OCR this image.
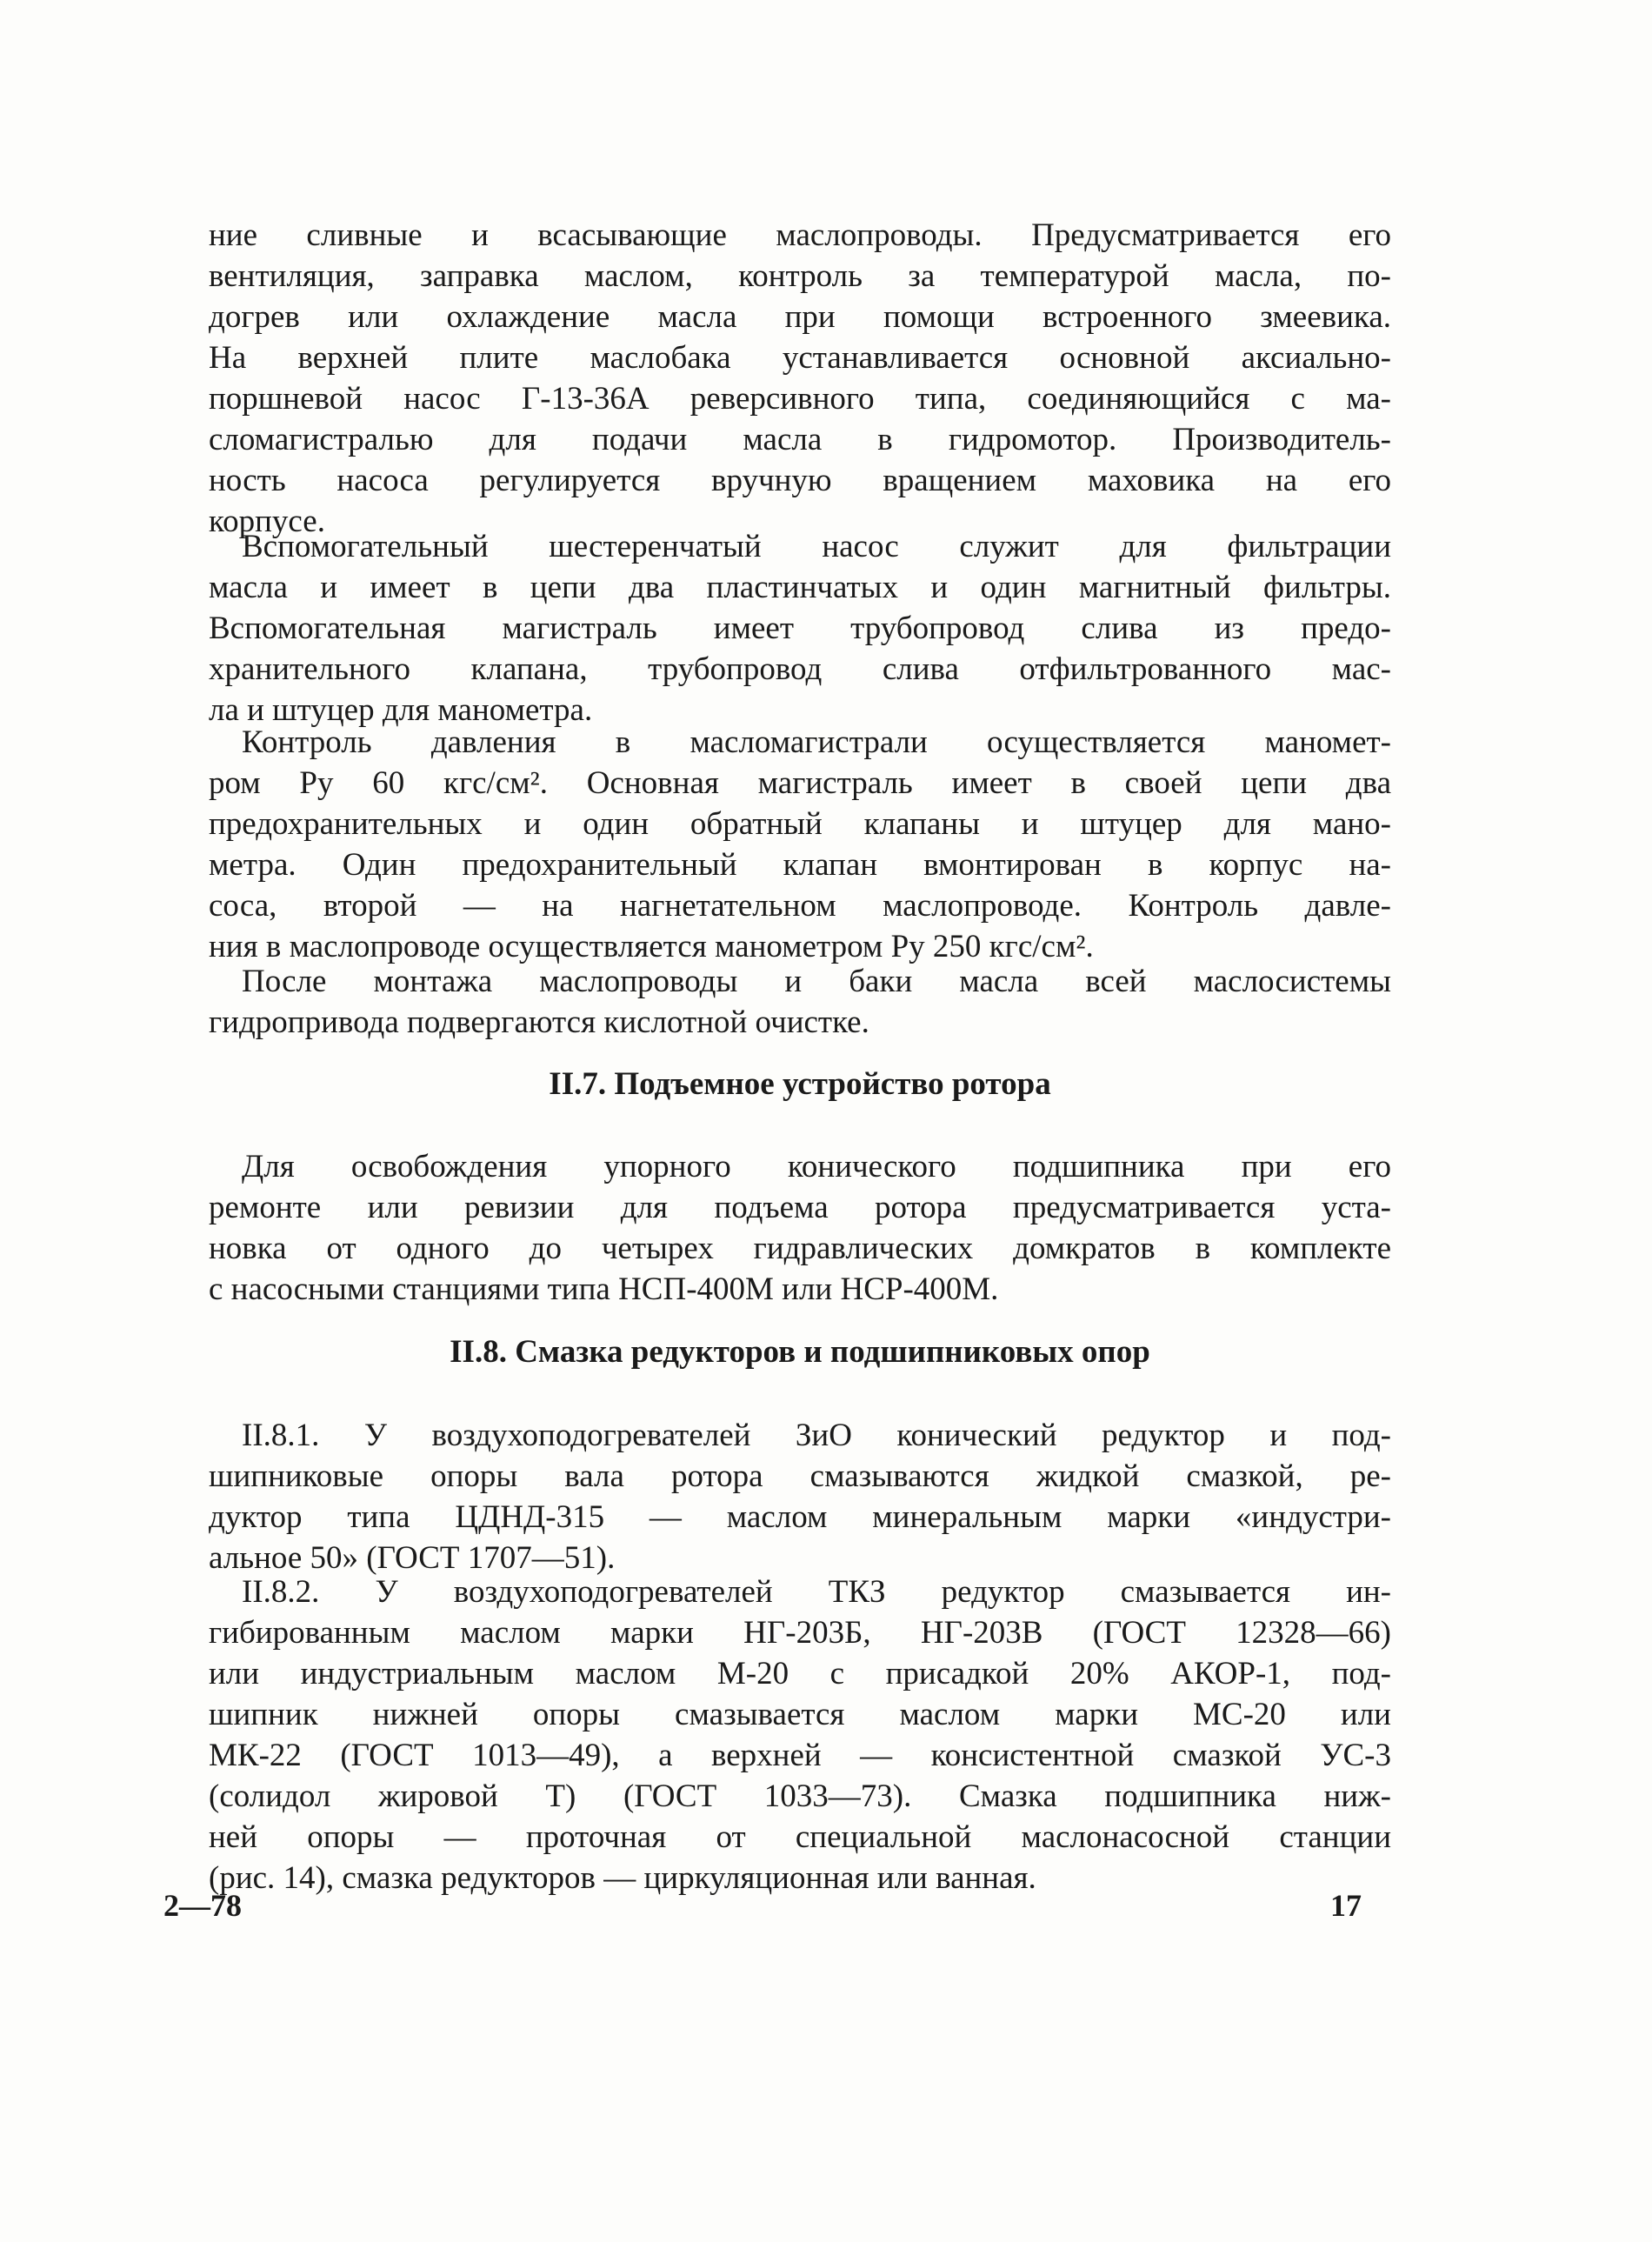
ние сливные и всасывающие маслопроводы. Предусматривается его
вентиляция, заправка маслом, контроль за температурой масла, по-
догрев или охлаждение масла при помощи встроенного змеевика.
На верхней плите маслобака устанавливается основной аксиально-
поршневой насос Г-13-36А реверсивного типа, соединяющийся с ма-
сломагистралью для подачи масла в гидромотор. Производитель-
ность насоса регулируется вручную вращением маховика на его
корпусе.
Вспомогательный шестеренчатый насос служит для фильтрации
масла и имеет в цепи два пластинчатых и один магнитный фильтры.
Вспомогательная магистраль имеет трубопровод слива из предо-
хранительного клапана, трубопровод слива отфильтрованного мас-
ла и штуцер для манометра.
Контроль давления в масломагистрали осуществляется маномет-
ром Ру 60 кгс/см². Основная магистраль имеет в своей цепи два
предохранительных и один обратный клапаны и штуцер для мано-
метра. Один предохранительный клапан вмонтирован в корпус на-
соса, второй — на нагнетательном маслопроводе. Контроль давле-
ния в маслопроводе осуществляется манометром Ру 250 кгс/см².
После монтажа маслопроводы и баки масла всей маслосистемы
гидропривода подвергаются кислотной очистке.
II.7. Подъемное устройство ротора
Для освобождения упорного конического подшипника при его
ремонте или ревизии для подъема ротора предусматривается уста-
новка от одного до четырех гидравлических домкратов в комплекте
с насосными станциями типа НСП-400М или НСР-400М.
II.8. Смазка редукторов и подшипниковых опор
II.8.1. У воздухоподогревателей ЗиО конический редуктор и под-
шипниковые опоры вала ротора смазываются жидкой смазкой, ре-
дуктор типа ЦДНД-315 — маслом минеральным марки «индустри-
альное 50» (ГОСТ 1707—51).
II.8.2. У воздухоподогревателей ТКЗ редуктор смазывается ин-
гибированным маслом марки НГ-203Б, НГ-203В (ГОСТ 12328—66)
или индустриальным маслом М-20 с присадкой 20% АКОР-1, под-
шипник нижней опоры смазывается маслом марки МС-20 или
МК-22 (ГОСТ 1013—49), а верхней — консистентной смазкой УС-3
(солидол жировой Т) (ГОСТ 1033—73). Смазка подшипника ниж-
ней опоры — проточная от специальной маслонасосной станции
(рис. 14), смазка редукторов — циркуляционная или ванная.
2—78	17
